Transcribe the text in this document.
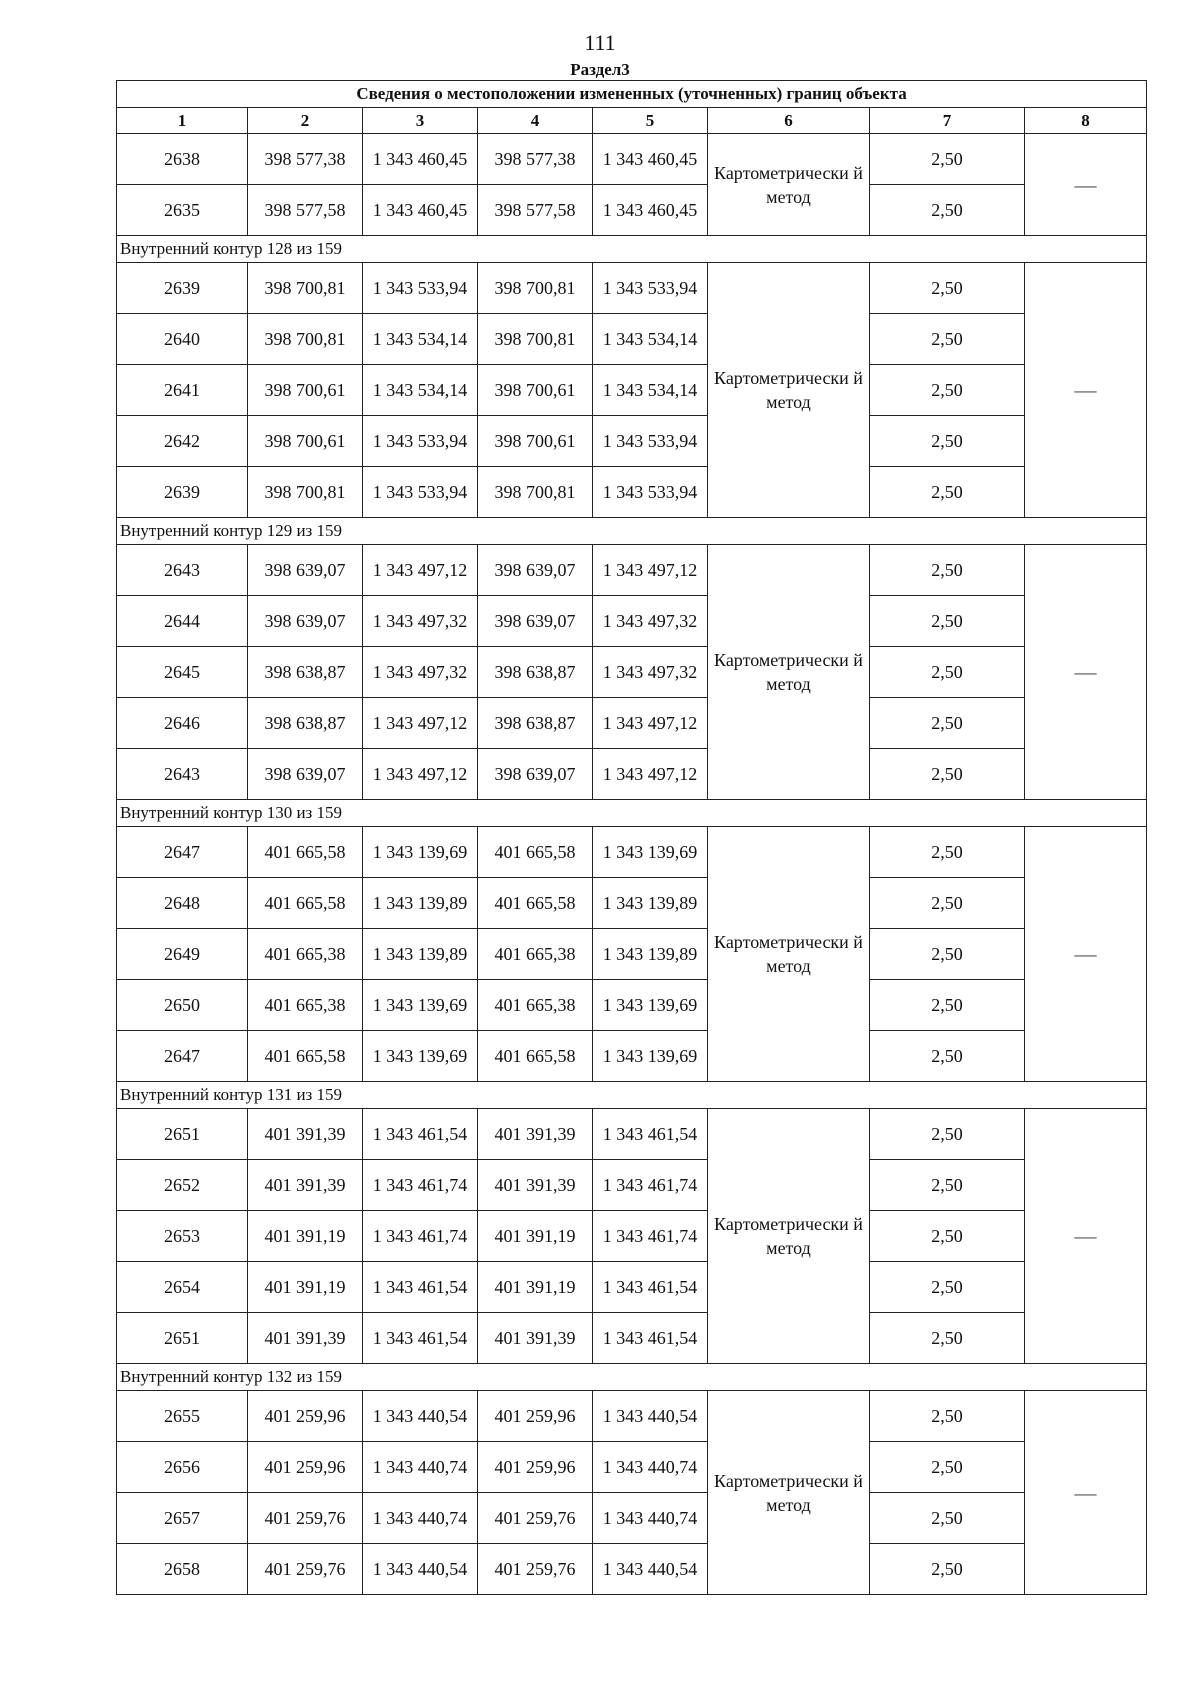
111
Раздел3
Сведения о местоположении измененных (уточненных) границ объекта							
1	2	3	4	5	6	7	8
2638	398 577,38	1 343 460,45	398 577,38	1 343 460,45	Картометрически й метод	2,50	—
2635	398 577,58	1 343 460,45	398 577,58	1 343 460,45		2,50	
Внутренний контур 128 из 159							
2639	398 700,81	1 343 533,94	398 700,81	1 343 533,94	Картометрически й метод	2,50	—
2640	398 700,81	1 343 534,14	398 700,81	1 343 534,14		2,50	
2641	398 700,61	1 343 534,14	398 700,61	1 343 534,14		2,50	
2642	398 700,61	1 343 533,94	398 700,61	1 343 533,94		2,50	
2639	398 700,81	1 343 533,94	398 700,81	1 343 533,94		2,50	
Внутренний контур 129 из 159							
2643	398 639,07	1 343 497,12	398 639,07	1 343 497,12	Картометрически й метод	2,50	—
2644	398 639,07	1 343 497,32	398 639,07	1 343 497,32		2,50	
2645	398 638,87	1 343 497,32	398 638,87	1 343 497,32		2,50	
2646	398 638,87	1 343 497,12	398 638,87	1 343 497,12		2,50	
2643	398 639,07	1 343 497,12	398 639,07	1 343 497,12		2,50	
Внутренний контур 130 из 159							
2647	401 665,58	1 343 139,69	401 665,58	1 343 139,69	Картометрически й метод	2,50	—
2648	401 665,58	1 343 139,89	401 665,58	1 343 139,89		2,50	
2649	401 665,38	1 343 139,89	401 665,38	1 343 139,89		2,50	
2650	401 665,38	1 343 139,69	401 665,38	1 343 139,69		2,50	
2647	401 665,58	1 343 139,69	401 665,58	1 343 139,69		2,50	
Внутренний контур 131 из 159							
2651	401 391,39	1 343 461,54	401 391,39	1 343 461,54	Картометрически й метод	2,50	—
2652	401 391,39	1 343 461,74	401 391,39	1 343 461,74		2,50	
2653	401 391,19	1 343 461,74	401 391,19	1 343 461,74		2,50	
2654	401 391,19	1 343 461,54	401 391,19	1 343 461,54		2,50	
2651	401 391,39	1 343 461,54	401 391,39	1 343 461,54		2,50	
Внутренний контур 132 из 159							
2655	401 259,96	1 343 440,54	401 259,96	1 343 440,54	Картометрически й метод	2,50	—
2656	401 259,96	1 343 440,74	401 259,96	1 343 440,74		2,50	
2657	401 259,76	1 343 440,74	401 259,76	1 343 440,74		2,50	
2658	401 259,76	1 343 440,54	401 259,76	1 343 440,54		2,50	
